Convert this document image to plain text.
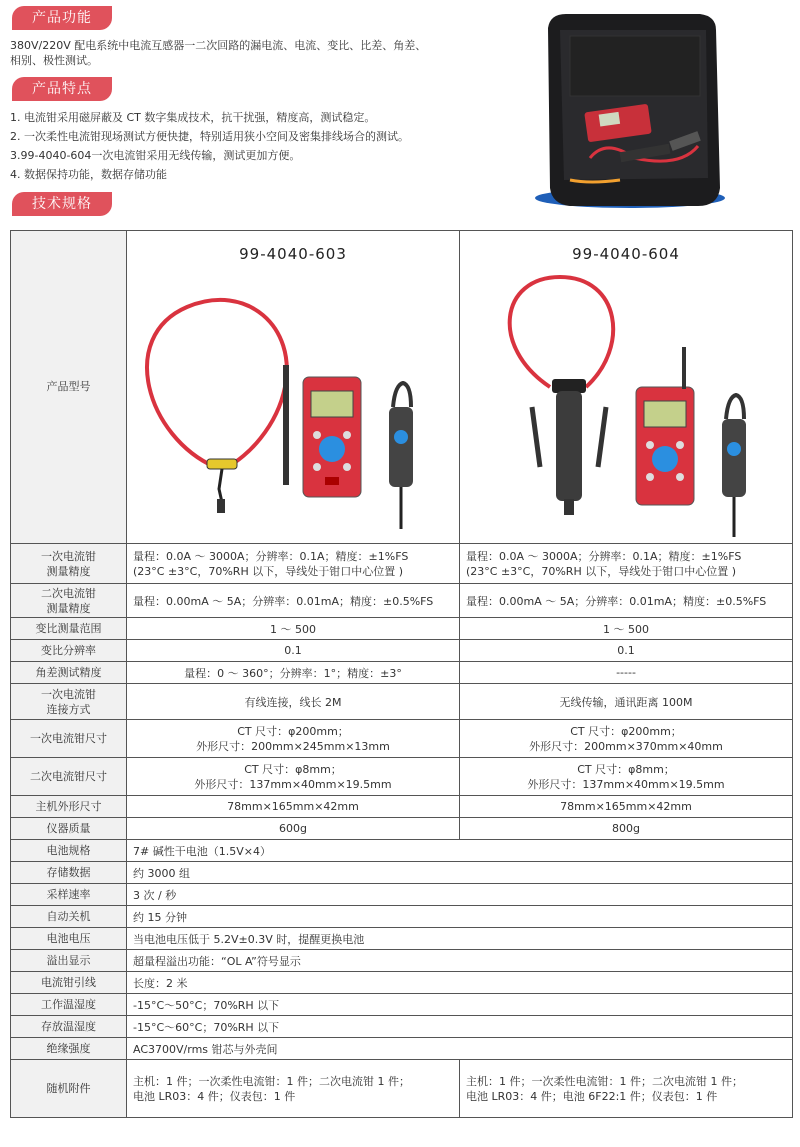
产品功能
380V/220V 配电系统中电流互感器一二次回路的漏电流、电流、变比、比差、角差、
相别、极性测试。
产品特点
1. 电流钳采用磁屏蔽及 CT 数字集成技术，抗干扰强，精度高，测试稳定。
2. 一次柔性电流钳现场测试方便快捷，特别适用狭小空间及密集排线场合的测试。
3.99-4040-604一次电流钳采用无线传输，测试更加方便。
4. 数据保持功能，数据存储功能
技术规格
产品型号	99-4040-603	99-4040-604

一次电流钳
测量精度	量程：0.0A ～ 3000A；分辨率：0.1A；精度：±1%FS
(23°C ±3°C，70%RH 以下，导线处于钳口中心位置 )	量程：0.0A ～ 3000A；分辨率：0.1A；精度：±1%FS
(23°C ±3°C，70%RH 以下，导线处于钳口中心位置 )

二次电流钳
测量精度	量程：0.00mA ～ 5A；分辨率：0.01mA；精度：±0.5%FS	量程：0.00mA ～ 5A；分辨率：0.01mA；精度：±0.5%FS
变比测量范围	1 ～ 500	1 ～ 500
变比分辨率	0.1	0.1
角差测试精度	量程：0 ～ 360°；分辨率：1°；精度：±3°	-----

一次电流钳
连接方式	有线连接，线长 2M	无线传输，通讯距离 100M
一次电流钳尺寸	CT 尺寸：φ200mm；
外形尺寸：200mm×245mm×13mm	CT 尺寸：φ200mm；
外形尺寸：200mm×370mm×40mm

二次电流钳尺寸	CT 尺寸：φ8mm；
外形尺寸：137mm×40mm×19.5mm	CT 尺寸：φ8mm；
外形尺寸：137mm×40mm×19.5mm

主机外形尺寸	78mm×165mm×42mm	78mm×165mm×42mm
仪器质量	600g	800g
电池规格	7# 碱性干电池（1.5V×4）	
存储数据	约 3000 组	
采样速率	3 次 / 秒	
自动关机	约 15 分钟	
电池电压	当电池电压低于 5.2V±0.3V 时，提醒更换电池	
溢出显示	超量程溢出功能：“OL A”符号显示	
电流钳引线	长度：2 米	
工作温湿度	-15°C～50°C；70%RH 以下	
存放温湿度	-15°C～60°C；70%RH 以下	
绝缘强度	AC3700V/rms 钳芯与外壳间	
随机附件	主机：1 件；一次柔性电流钳：1 件；二次电流钳 1 件；
电池 LR03：4 件；仪表包：1 件	主机：1 件；一次柔性电流钳：1 件；二次电流钳 1 件；
电池 LR03：4 件；电池 6F22:1 件；仪表包：1 件
